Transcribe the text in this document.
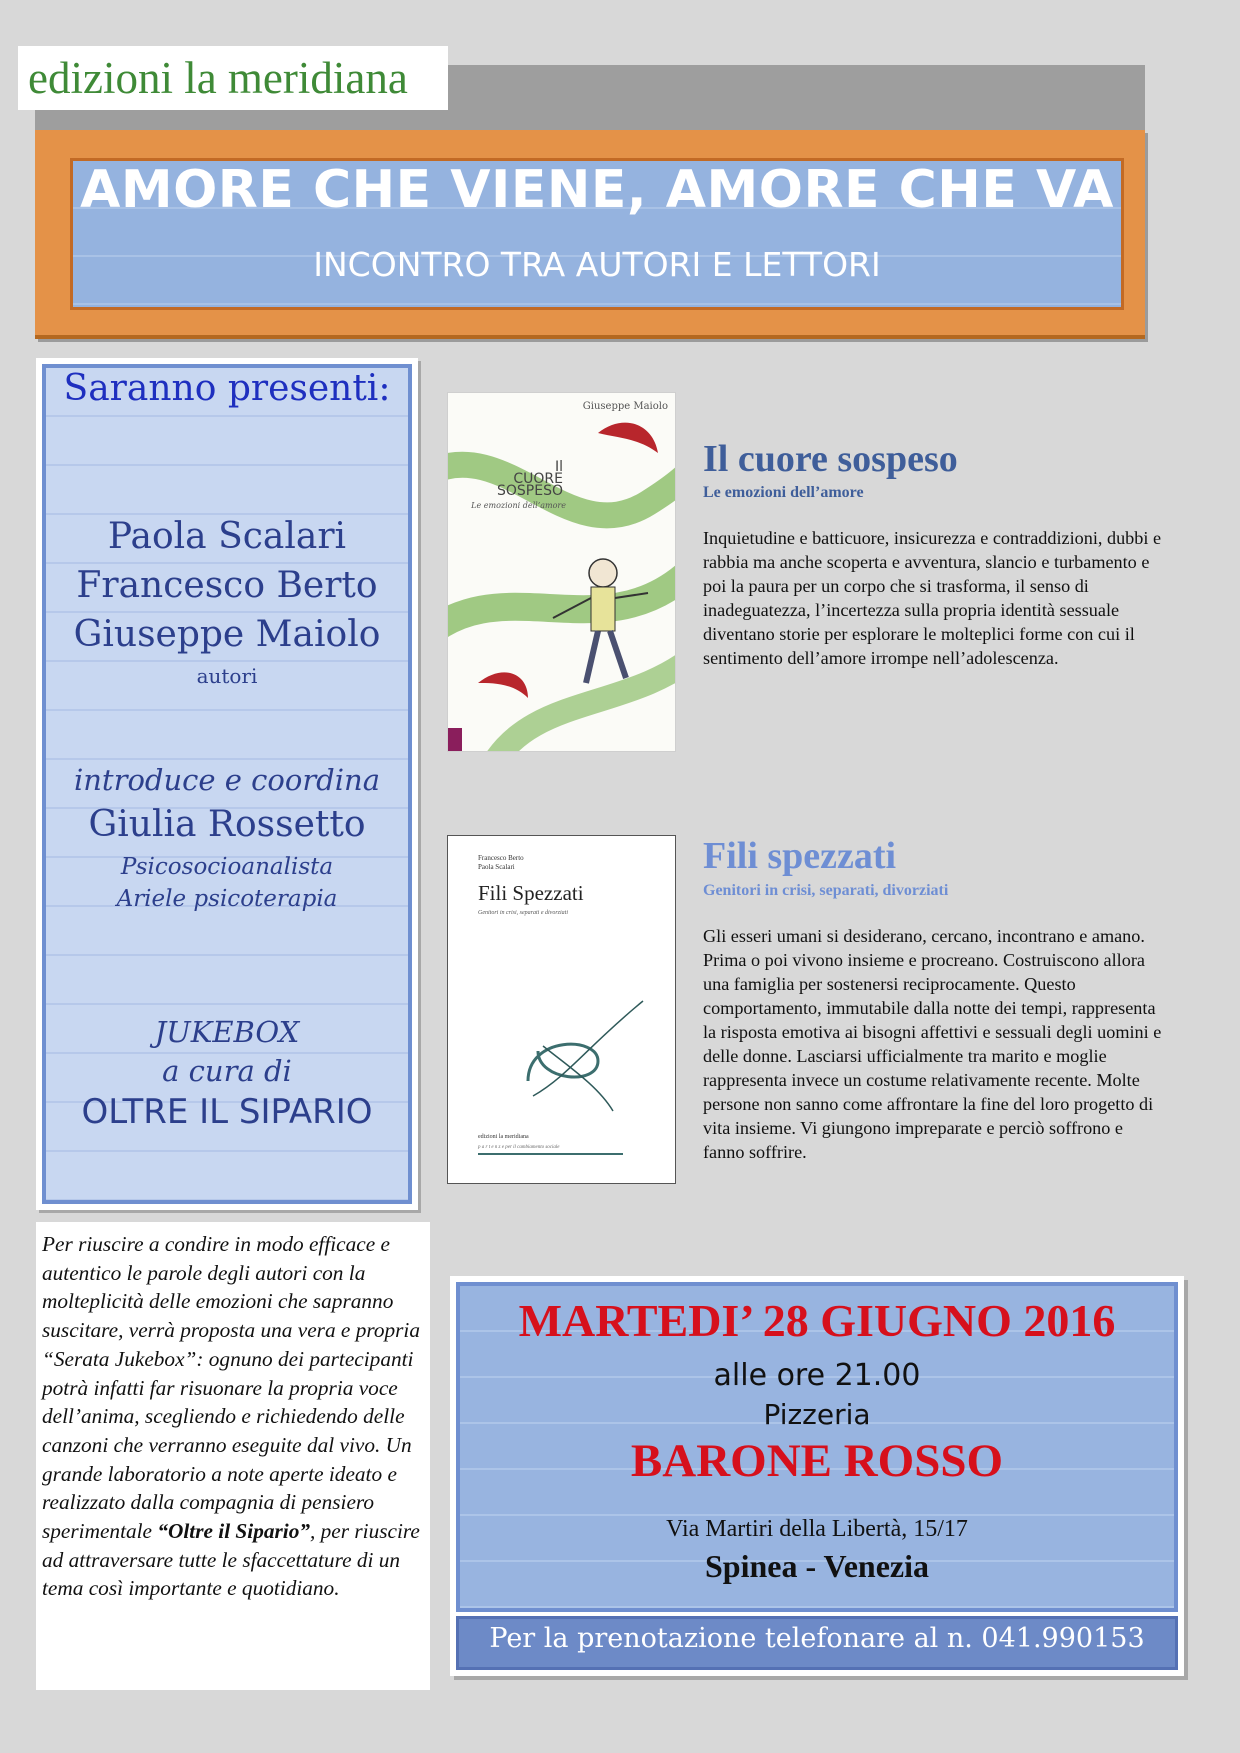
edizioni la meridiana
AMORE CHE VIENE, AMORE CHE VA
INCONTRO TRA AUTORI E LETTORI
Saranno presenti:
Paola Scalari
Francesco Berto
Giuseppe Maiolo
autori
introduce e coordina
Giulia Rossetto
Psicosocioanalista
Ariele psicoterapia
JUKEBOX
a cura di
OLTRE IL SIPARIO

Per riuscire a condire in modo efficace e autentico le parole degli autori con la molteplicità delle emozioni che sapranno suscitare, verrà proposta una vera e propria “Serata Jukebox”: ognuno dei partecipanti potrà infatti far risuonare la propria voce dell’anima, scegliendo e richiedendo delle canzoni che verranno eseguite dal vivo. Un grande laboratorio a note aperte ideato e realizzato dalla compagnia di pensiero sperimentale “Oltre il Sipario”, per riuscire ad attraversare tutte le sfaccettature di un tema così importante e quotidiano.

Giuseppe Maiolo
Il
CUORE
SOSPESO
Le emozioni dell’amore
Il cuore sospeso
Le emozioni dell’amore
Inquietudine e batticuore, insicurezza e contraddizioni, dubbi e rabbia ma anche scoperta e avventura, slancio e turbamento e poi la paura per un corpo che si trasforma, il senso di inadeguatezza, l’incertezza sulla propria identità sessuale diventano storie per esplorare le molteplici forme con cui il sentimento dell’amore irrompe nell’adolescenza.
Francesco Berto
Paola Scalari
Fili Spezzati
Genitori in crisi, separati e divorziati
edizioni la meridiana
p a r t e n z e per il cambiamento sociale
Fili spezzati
Genitori in crisi, separati, divorziati
Gli esseri umani si desiderano, cercano, incontrano e amano. Prima o poi vivono insieme e procreano. Costruiscono allora una famiglia per sostenersi reciprocamente. Questo comportamento, immutabile dalla notte dei tempi, rappresenta la risposta emotiva ai bisogni affettivi e sessuali degli uomini e delle donne. Lasciarsi ufficialmente tra marito e moglie rappresenta invece un costume relativamente recente. Molte persone non sanno come affrontare la fine del loro progetto di vita insieme. Vi giungono impreparate e perciò soffrono e fanno soffrire.
MARTEDI’ 28 GIUGNO 2016
alle ore 21.00
Pizzeria
BARONE ROSSO
Via Martiri della Libertà, 15/17
Spinea - Venezia
Per la prenotazione telefonare al n. 041.990153
